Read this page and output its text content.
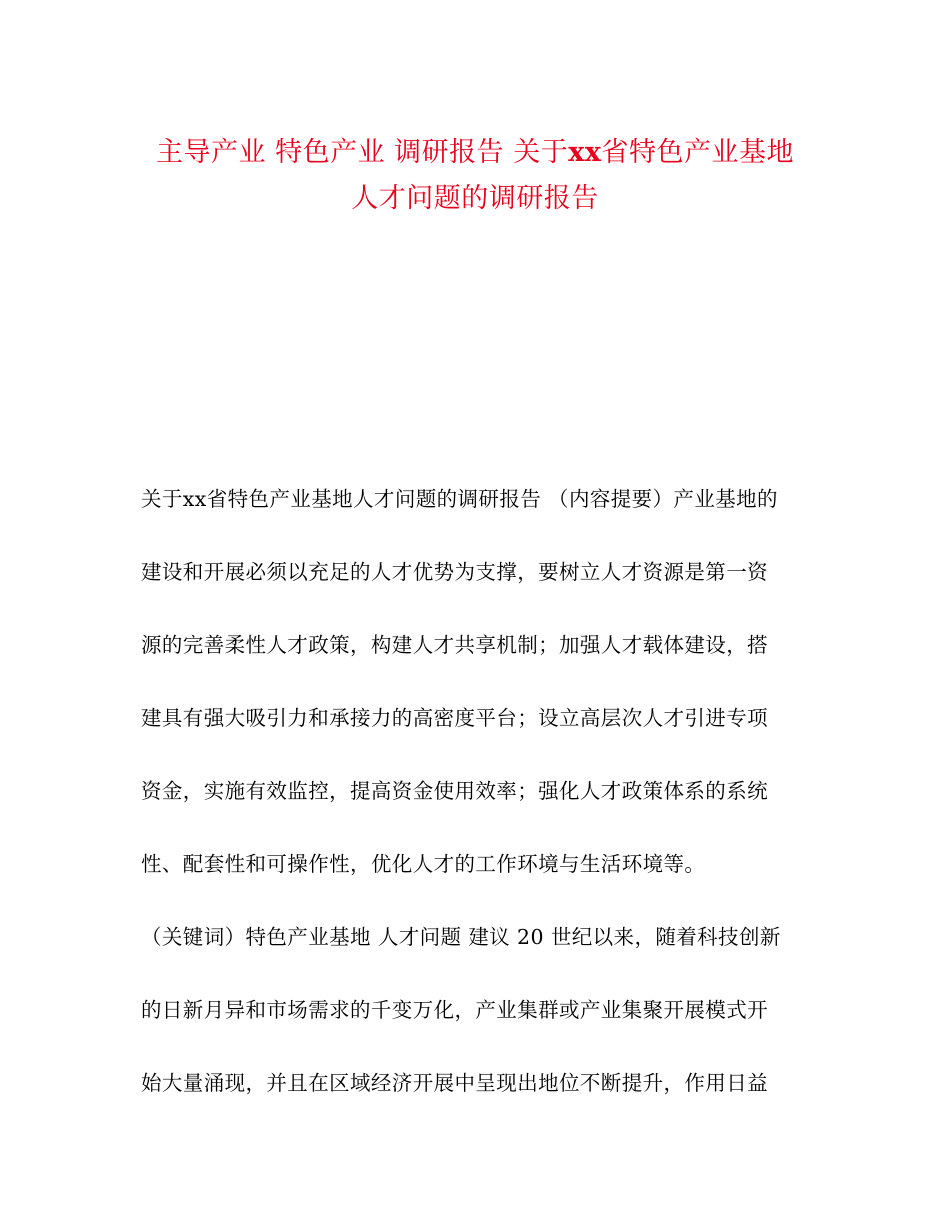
主导产业 特色产业 调研报告 关于xx省特色产业基地
人才问题的调研报告
关于xx省特色产业基地人才问题的调研报告 （内容提要）产业基地的
建设和开展必须以充足的人才优势为支撑，要树立人才资源是第一资
源的完善柔性人才政策，构建人才共享机制；加强人才载体建设，搭
建具有强大吸引力和承接力的高密度平台；设立高层次人才引进专项
资金，实施有效监控，提高资金使用效率；强化人才政策体系的系统
性、配套性和可操作性，优化人才的工作环境与生活环境等。
（关键词）特色产业基地 人才问题 建议 20 世纪以来，随着科技创新
的日新月异和市场需求的千变万化，产业集群或产业集聚开展模式开
始大量涌现，并且在区域经济开展中呈现出地位不断提升，作用日益
